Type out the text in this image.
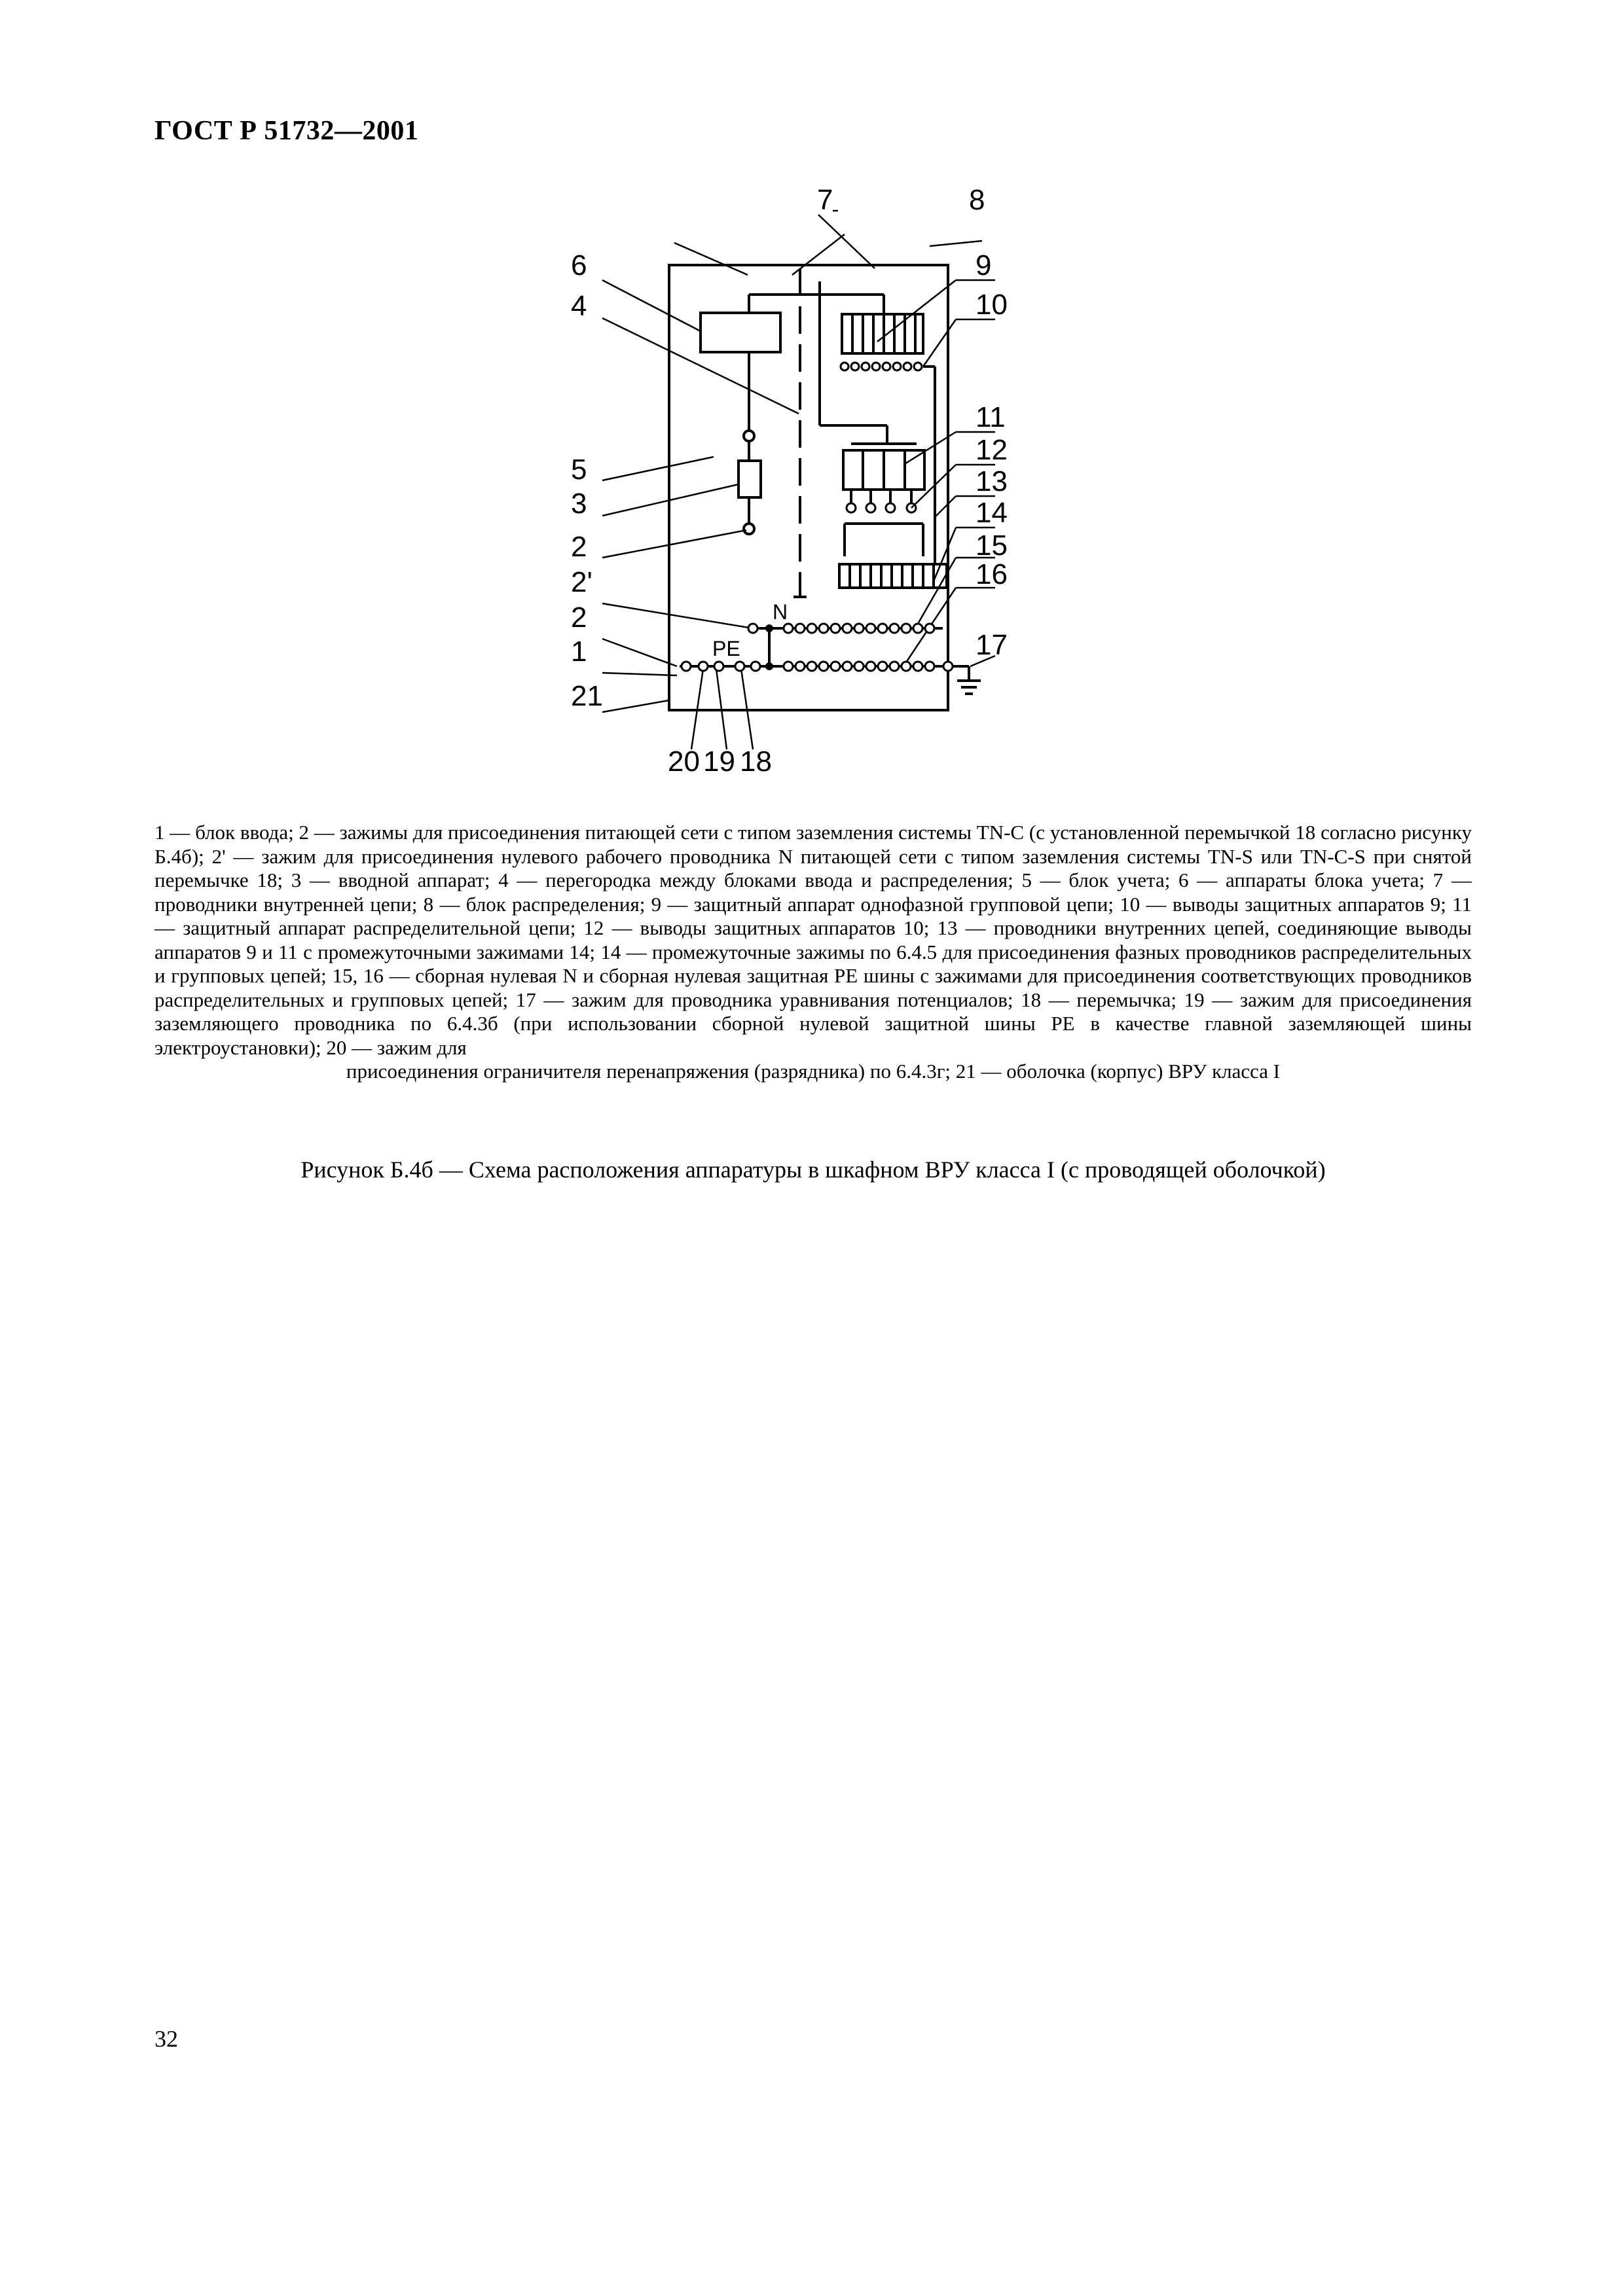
ГОСТ Р 51732—2001
7	8
6	9
4	10
11
12
5	13
3	14
2	15
2'	16
2
1	17
21
20 19 18
N
PE
1 — блок ввода; 2 — зажимы для присоединения питающей сети с типом заземления системы TN-C (с установленной перемычкой 18 согласно рисунку Б.4б); 2' — зажим для присоединения нулевого рабочего проводника N питающей сети с типом заземления системы TN-S или TN-C-S при снятой перемычке 18; 3 — вводной аппарат; 4 — перегородка между блоками ввода и распределения; 5 — блок учета; 6 — аппараты блока учета; 7 — проводники внутренней цепи; 8 — блок распределения; 9 — защитный аппарат однофазной групповой цепи; 10 — выводы защитных аппаратов 9; 11 — защитный аппарат распределительной цепи; 12 — выводы защитных аппаратов 10; 13 — проводники внутренних цепей, соединяющие выводы аппаратов 9 и 11 с промежуточными зажимами 14; 14 — промежуточные зажимы по 6.4.5 для присоединения фазных проводников распределительных и групповых цепей; 15, 16 — сборная нулевая N и сборная нулевая защитная PE шины с зажимами для присоединения соответствующих проводников распределительных и групповых цепей; 17 — зажим для проводника уравнивания потенциалов; 18 — перемычка; 19 — зажим для присоединения заземляющего проводника по 6.4.3б (при использовании сборной нулевой защитной шины PE в качестве главной заземляющей шины электроустановки); 20 — зажим для
присоединения ограничителя перенапряжения (разрядника) по 6.4.3г; 21 — оболочка (корпус) ВРУ класса I
Рисунок Б.4б — Схема расположения аппаратуры в шкафном ВРУ класса I (с проводящей оболочкой)
32
